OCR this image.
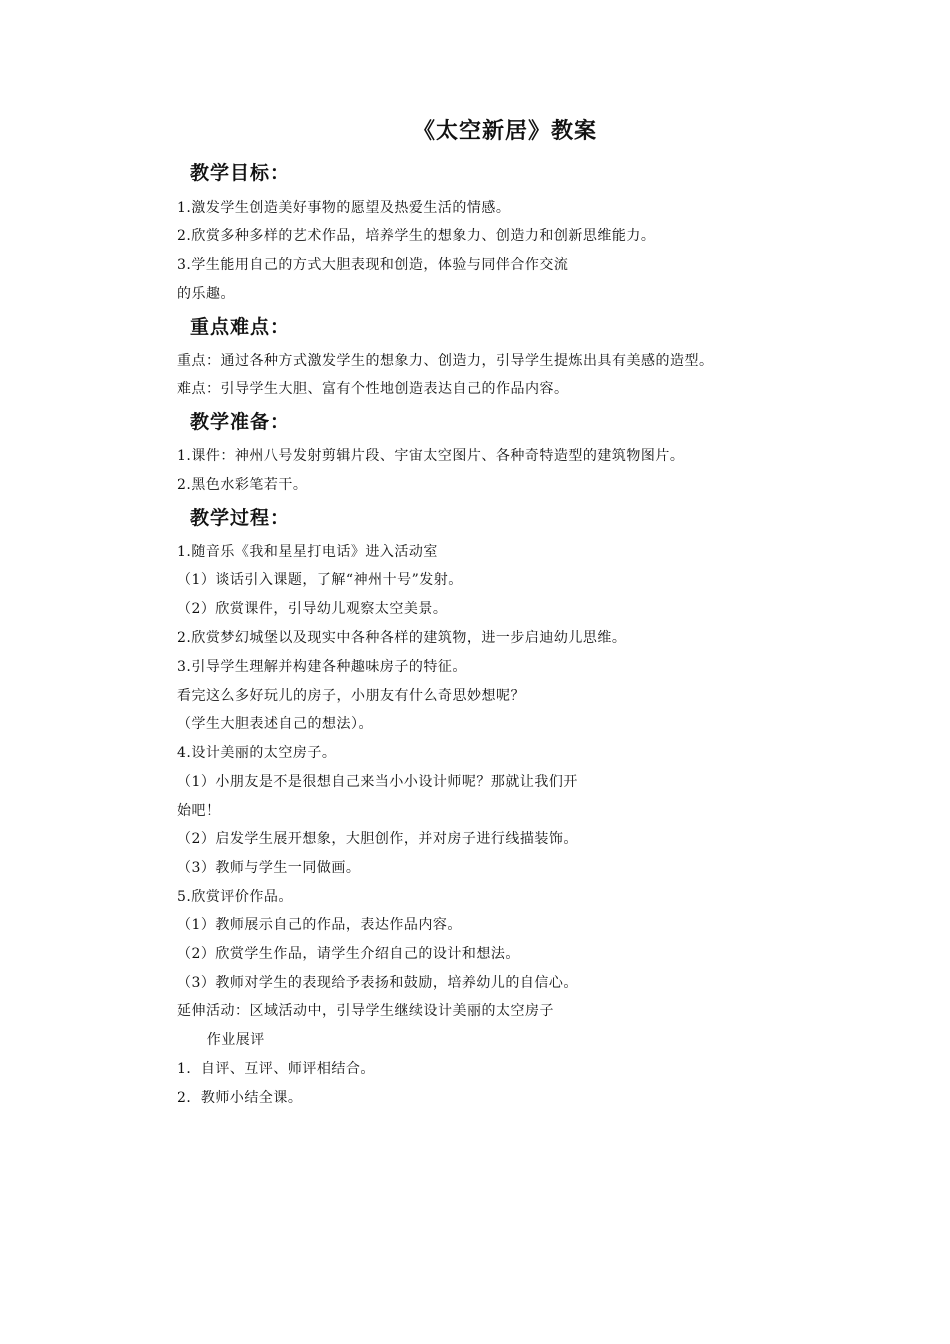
《太空新居》教案
教学目标：
1.激发学生创造美好事物的愿望及热爱生活的情感。
2.欣赏多种多样的艺术作品，培养学生的想象力、创造力和创新思维能力。
3.学生能用自己的方式大胆表现和创造，体验与同伴合作交流
的乐趣。
重点难点：
重点：通过各种方式激发学生的想象力、创造力，引导学生提炼出具有美感的造型。
难点：引导学生大胆、富有个性地创造表达自己的作品内容。
教学准备：
1.课件：神州八号发射剪辑片段、宇宙太空图片、各种奇特造型的建筑物图片。
2.黑色水彩笔若干。
教学过程：
1.随音乐《我和星星打电话》进入活动室
（1）谈话引入课题，了解“神州十号”发射。
（2）欣赏课件，引导幼儿观察太空美景。
2.欣赏梦幻城堡以及现实中各种各样的建筑物，进一步启迪幼儿思维。
3.引导学生理解并构建各种趣味房子的特征。
看完这么多好玩儿的房子，小朋友有什么奇思妙想呢？
（学生大胆表述自己的想法）。
4.设计美丽的太空房子。
（1）小朋友是不是很想自己来当小小设计师呢？那就让我们开
始吧！
（2）启发学生展开想象，大胆创作，并对房子进行线描装饰。
（3）教师与学生一同做画。
5.欣赏评价作品。
（1）教师展示自己的作品，表达作品内容。
（2）欣赏学生作品，请学生介绍自己的设计和想法。
（3）教师对学生的表现给予表扬和鼓励，培养幼儿的自信心。
延伸活动：区域活动中，引导学生继续设计美丽的太空房子
作业展评
1．自评、互评、师评相结合。
2．教师小结全课。
